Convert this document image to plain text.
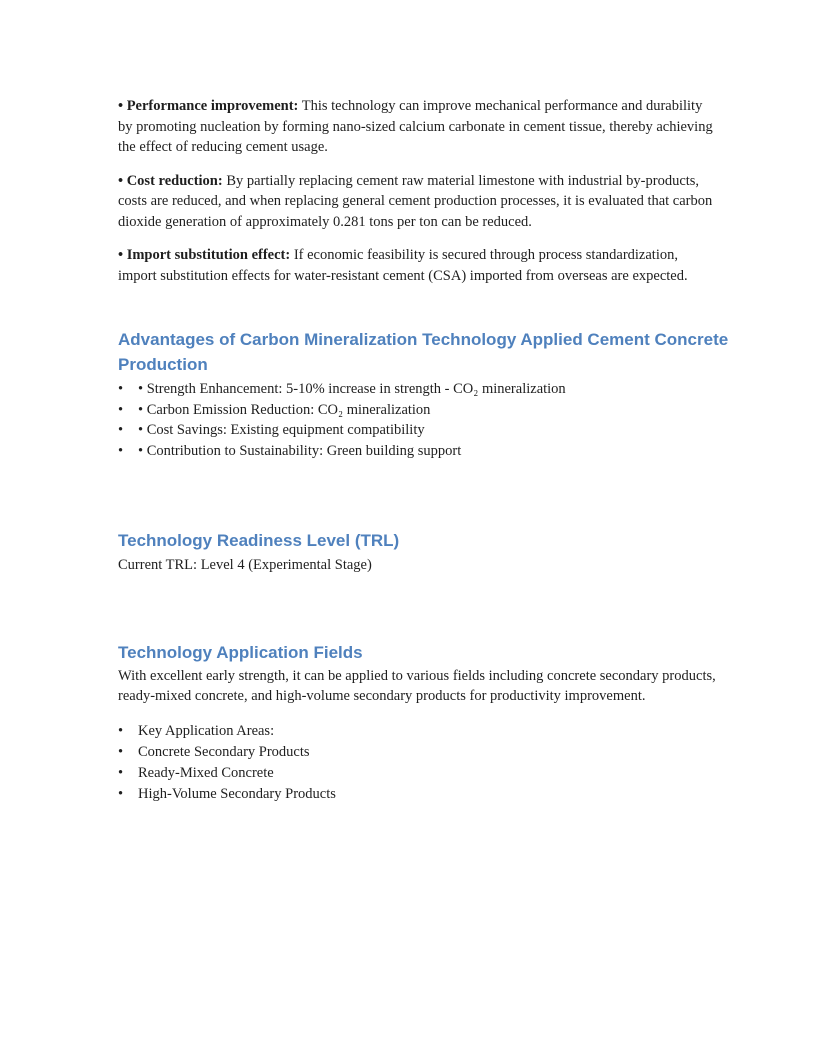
• Performance improvement: This technology can improve mechanical performance and durability by promoting nucleation by forming nano-sized calcium carbonate in cement tissue, thereby achieving the effect of reducing cement usage.

• Cost reduction: By partially replacing cement raw material limestone with industrial by-products, costs are reduced, and when replacing general cement production processes, it is evaluated that carbon dioxide generation of approximately 0.281 tons per ton can be reduced.

• Import substitution effect: If economic feasibility is secured through process standardization, import substitution effects for water-resistant cement (CSA) imported from overseas are expected.

Advantages of Carbon Mineralization Technology Applied Cement Concrete Production
•	• Strength Enhancement: 5-10% increase in strength - CO₂ mineralization
•	• Carbon Emission Reduction: CO₂ mineralization
•	• Cost Savings: Existing equipment compatibility
•	• Contribution to Sustainability: Green building support
Technology Readiness Level (TRL)

Current TRL: Level 4 (Experimental Stage)

Technology Application Fields

With excellent early strength, it can be applied to various fields including concrete secondary products, ready-mixed concrete, and high-volume secondary products for productivity improvement.

•	Key Application Areas:
•	Concrete Secondary Products
•	Ready-Mixed Concrete
•	High-Volume Secondary Products
